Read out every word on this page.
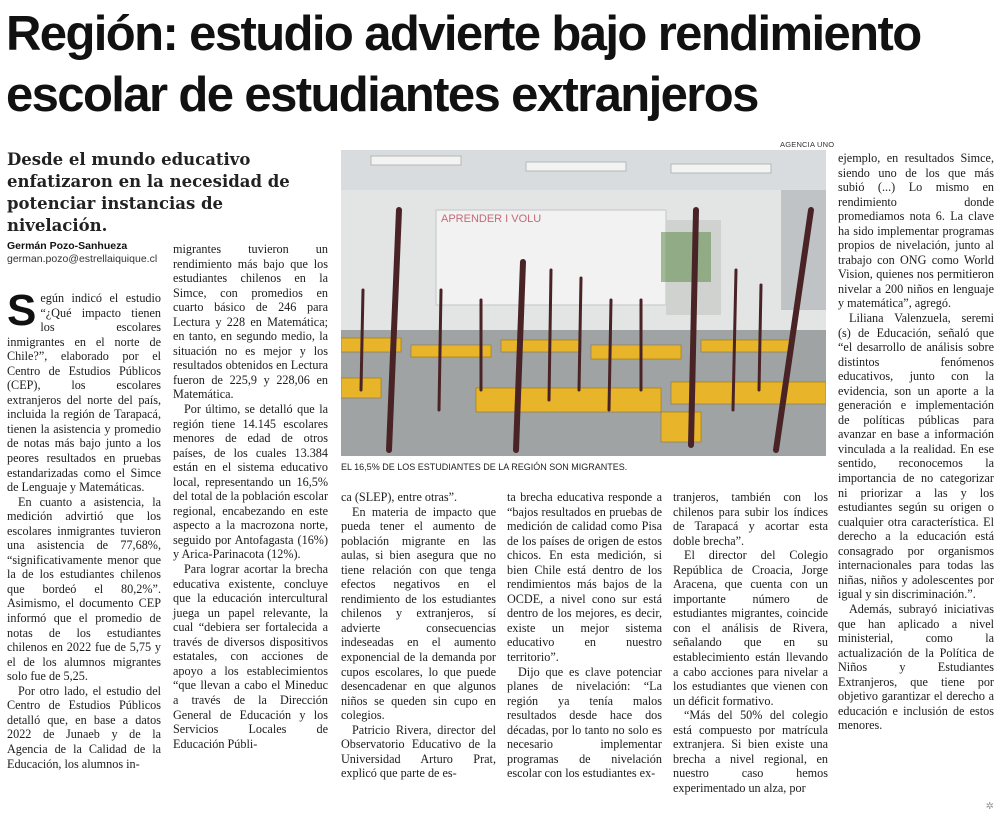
Región: estudio advierte bajo rendimiento escolar de estudiantes extranjeros
Desde el mundo educativo enfatizaron en la necesidad de potenciar instancias de nivelación.
Germán Pozo-Sanhueza
german.pozo@estrellaiquique.cl

Según indicó el estudio “¿Qué impacto tienen los escolares inmigrantes en el norte de Chile?”, elaborado por el Centro de Estudios Públicos (CEP), los escolares extranjeros del norte del país, incluida la región de Tarapacá, tienen la asistencia y promedio de notas más bajo junto a los peores resultados en pruebas estandarizadas como el Simce de Lenguaje y Matemáticas.

En cuanto a asistencia, la medición advirtió que los escolares inmigrantes tuvieron una asistencia de 77,68%, “significativamente menor que la de los estudiantes chilenos que bordeó el 80,2%”. Asimismo, el documento CEP informó que el promedio de notas de los estudiantes chilenos en 2022 fue de 5,75 y el de los alumnos migrantes solo fue de 5,25.

Por otro lado, el estudio del Centro de Estudios Públicos detalló que, en base a datos 2022 de Junaeb y de la Agencia de la Calidad de la Educación, los alumnos in-

migrantes tuvieron un rendimiento más bajo que los estudiantes chilenos en la Simce, con promedios en cuarto básico de 246 para Lectura y 228 en Matemática; en tanto, en segundo medio, la situación no es mejor y los resultados obtenidos en Lectura fueron de 225,9 y 228,06 en Matemática.

Por último, se detalló que la región tiene 14.145 escolares menores de edad de otros países, de los cuales 13.384 están en el sistema educativo local, representando un 16,5% del total de la población escolar regional, encabezando en este aspecto a la macrozona norte, seguido por Antofagasta (16%) y Arica-Parinacota (12%).

Para lograr acortar la brecha educativa existente, concluye que la educación intercultural juega un papel relevante, la cual “debiera ser fortalecida a través de diversos dispositivos estatales, con acciones de apoyo a los establecimientos “que llevan a cabo el Mineduc a través de la Dirección General de Educación y los Servicios Locales de Educación Públi-

AGENCIA UNO
APRENDER I VOLU
EL 16,5% DE LOS ESTUDIANTES DE LA REGIÓN SON MIGRANTES.

ca (SLEP), entre otras”.

En materia de impacto que pueda tener el aumento de población migrante en las aulas, si bien asegura que no tiene relación con que tenga efectos negativos en el rendimiento de los estudiantes chilenos y extranjeros, sí advierte consecuencias indeseadas en el aumento exponencial de la demanda por cupos escolares, lo que puede desencadenar en que algunos niños se queden sin cupo en colegios.

Patricio Rivera, director del Observatorio Educativo de la Universidad Arturo Prat, explicó que parte de es-

ta brecha educativa responde a “bajos resultados en pruebas de medición de calidad como Pisa de los países de origen de estos chicos. En esta medición, si bien Chile está dentro de los rendimientos más bajos de la OCDE, a nivel cono sur está dentro de los mejores, es decir, existe un mejor sistema educativo en nuestro territorio”.

Dijo que es clave potenciar planes de nivelación: “La región ya tenía malos resultados desde hace dos décadas, por lo tanto no solo es necesario implementar programas de nivelación escolar con los estudiantes ex-

tranjeros, también con los chilenos para subir los índices de Tarapacá y acortar esta doble brecha”.

El director del Colegio República de Croacia, Jorge Aracena, que cuenta con un importante número de estudiantes migrantes, coincide con el análisis de Rivera, señalando que en su establecimiento están llevando a cabo acciones para nivelar a los estudiantes que vienen con un déficit formativo.

“Más del 50% del colegio está compuesto por matrícula extranjera. Si bien existe una brecha a nivel regional, en nuestro caso hemos experimentado un alza, por

ejemplo, en resultados Simce, siendo uno de los que más subió (...) Lo mismo en rendimiento donde promediamos nota 6. La clave ha sido implementar programas propios de nivelación, junto al trabajo con ONG como World Vision, quienes nos permitieron nivelar a 200 niños en lenguaje y matemática”, agregó.

Liliana Valenzuela, seremi (s) de Educación, señaló que “el desarrollo de análisis sobre distintos fenómenos educativos, junto con la evidencia, son un aporte a la generación e implementación de políticas públicas para avanzar en base a información vinculada a la realidad. En ese sentido, reconocemos la importancia de no categorizar ni priorizar a las y los estudiantes según su origen o cualquier otra característica. El derecho a la educación está consagrado por organismos internacionales para todas las niñas, niños y adolescentes por igual y sin discriminación.”.

Además, subrayó iniciativas que han aplicado a nivel ministerial, como la actualización de la Política de Niños y Estudiantes Extranjeros, que tiene por objetivo garantizar el derecho a educación e inclusión de estos menores.

✲
